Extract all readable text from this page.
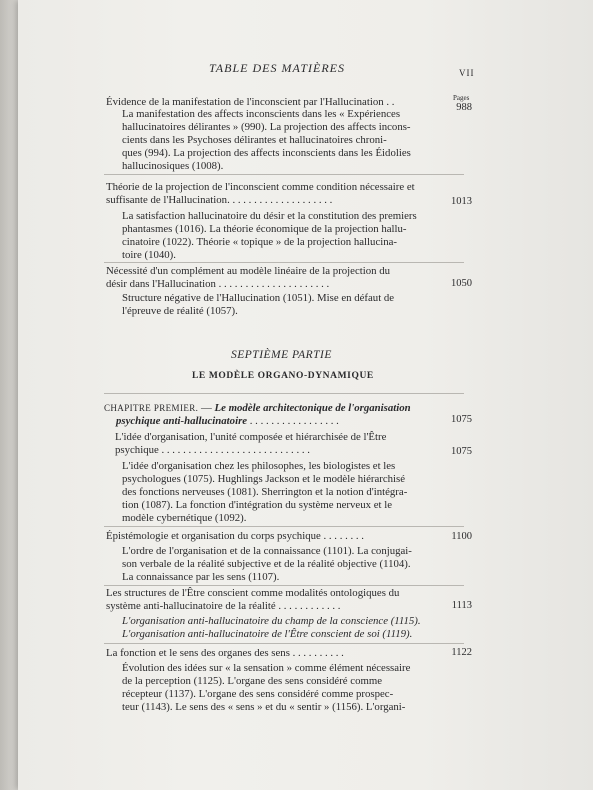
TABLE DES MATIÈRES	VII
Pages
Évidence de la manifestation de l'inconscient par l'Hallucination . .	988
La manifestation des affects inconscients dans les « Expériences
hallucinatoires délirantes » (990). La projection des affects incons-
cients dans les Psychoses délirantes et hallucinatoires chroni-
ques (994). La projection des affects inconscients dans les Éidolies
hallucinosiques (1008).
Théorie de la projection de l'inconscient comme condition nécessaire et
suffisante de l'Hallucination. . . . . . . . . . . . . . . . . . . .	1013
La satisfaction hallucinatoire du désir et la constitution des premiers
phantasmes (1016). La théorie économique de la projection hallu-
cinatoire (1022). Théorie « topique » de la projection hallucina-
toire (1040).
Nécessité d'un complément au modèle linéaire de la projection du
désir dans l'Hallucination . . . . . . . . . . . . . . . . . . . . .	1050
Structure négative de l'Hallucination (1051). Mise en défaut de
l'épreuve de réalité (1057).
SEPTIÈME PARTIE
LE MODÈLE ORGANO-DYNAMIQUE
CHAPITRE PREMIER. — Le modèle architectonique de l'organisation
psychique anti-hallucinatoire . . . . . . . . . . . . . . . . .	1075
L'idée d'organisation, l'unité composée et hiérarchisée de l'Être
psychique . . . . . . . . . . . . . . . . . . . . . . . . . . . .	1075
L'idée d'organisation chez les philosophes, les biologistes et les
psychologues (1075). Hughlings Jackson et le modèle hiérarchisé
des fonctions nerveuses (1081). Sherrington et la notion d'intégra-
tion (1087). La fonction d'intégration du système nerveux et le
modèle cybernétique (1092).
Épistémologie et organisation du corps psychique . . . . . . . .	1100
L'ordre de l'organisation et de la connaissance (1101). La conjugai-
son verbale de la réalité subjective et de la réalité objective (1104).
La connaissance par les sens (1107).
Les structures de l'Être conscient comme modalités ontologiques du
système anti-hallucinatoire de la réalité . . . . . . . . . . . .	1113
L'organisation anti-hallucinatoire du champ de la conscience (1115).
L'organisation anti-hallucinatoire de l'Être conscient de soi (1119).
La fonction et le sens des organes des sens . . . . . . . . . .	1122
Évolution des idées sur « la sensation » comme élément nécessaire
de la perception (1125). L'organe des sens considéré comme
récepteur (1137). L'organe des sens considéré comme prospec-
teur (1143). Le sens des « sens » et du « sentir » (1156). L'organi-
